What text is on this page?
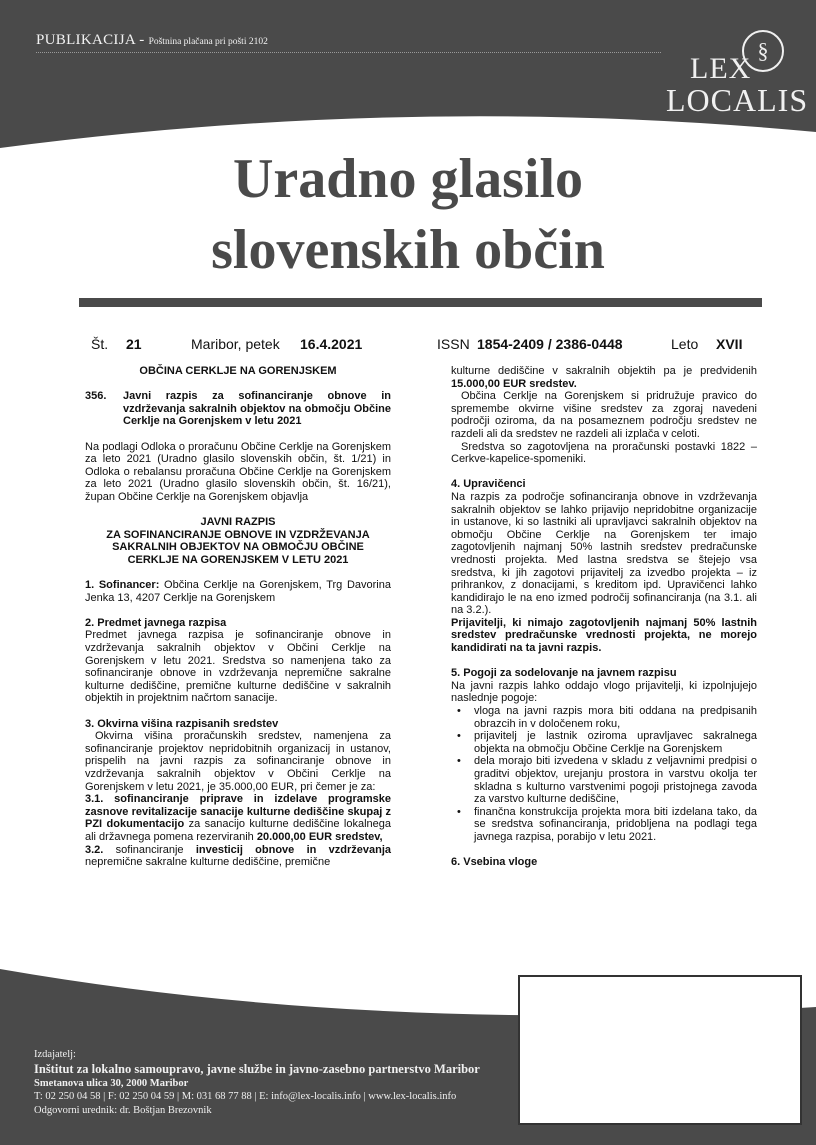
PUBLIKACIJA - Poštnina plačana pri pošti 2102	§
LEX
LOCALIS
Uradno glasilo
slovenskih občin
Št. 21	Maribor, petek 16.4.2021	ISSN 1854-2409 / 2386-0448	Leto XVII

OBČINA CERKLJE NA GORENJSKEM

356.	Javni razpis za sofinanciranje obnove in vzdrževanja sakralnih objektov na območju Občine Cerklje na Gorenjskem v letu 2021

Na podlagi Odloka o proračunu Občine Cerklje na Gorenjskem za leto 2021 (Uradno glasilo slovenskih občin, št. 1/21) in Odloka o rebalansu proračuna Občine Cerklje na Gorenjskem za leto 2021 (Uradno glasilo slovenskih občin, št. 16/21), župan Občine Cerklje na Gorenjskem objavlja

JAVNI RAZPIS

ZA SOFINANCIRANJE OBNOVE IN VZDRŽEVANJA

SAKRALNIH OBJEKTOV NA OBMOČJU OBČINE

CERKLJE NA GORENJSKEM V LETU 2021

1. Sofinancer: Občina Cerklje na Gorenjskem, Trg Davorina Jenka 13, 4207 Cerklje na Gorenjskem

2. Predmet javnega razpisa

Predmet javnega razpisa je sofinanciranje obnove in vzdrževanja sakralnih objektov v Občini Cerklje na Gorenjskem v letu 2021. Sredstva so namenjena tako za sofinanciranje obnove in vzdrževanja nepremične sakralne kulturne dediščine, premične kulturne dediščine v sakralnih objektih in projektnim načrtom sanacije.

3. Okvirna višina razpisanih sredstev

Okvirna višina proračunskih sredstev, namenjena za sofinanciranje projektov nepridobitnih organizacij in ustanov, prispelih na javni razpis za sofinanciranje obnove in vzdrževanja sakralnih objektov v Občini Cerklje na Gorenjskem v letu 2021, je 35.000,00 EUR, pri čemer je za:

3.1. sofinanciranje priprave in izdelave programske zasnove revitalizacije sanacije kulturne dediščine skupaj z PZI dokumentacijo za sanacijo kulturne dediščine lokalnega ali državnega pomena rezerviranih 20.000,00 EUR sredstev,

3.2. sofinanciranje investicij obnove in vzdrževanja nepremične sakralne kulturne dediščine, premične

kulturne dediščine v sakralnih objektih pa je predvidenih 15.000,00 EUR sredstev.

Občina Cerklje na Gorenjskem si pridružuje pravico do spremembe okvirne višine sredstev za zgoraj navedeni področji oziroma, da na posameznem področju sredstev ne razdeli ali da sredstev ne razdeli ali izplača v celoti.

Sredstva so zagotovljena na proračunski postavki 1822 – Cerkve-kapelice-spomeniki.

4. Upravičenci

Na razpis za področje sofinanciranja obnove in vzdrževanja sakralnih objektov se lahko prijavijo nepridobitne organizacije in ustanove, ki so lastniki ali upravljavci sakralnih objektov na območju Občine Cerklje na Gorenjskem ter imajo zagotovljenih najmanj 50% lastnih sredstev predračunske vrednosti projekta. Med lastna sredstva se štejejo vsa sredstva, ki jih zagotovi prijavitelj za izvedbo projekta – iz prihrankov, z donacijami, s kreditom ipd. Upravičenci lahko kandidirajo le na eno izmed področij sofinanciranja (na 3.1. ali na 3.2.).

Prijavitelji, ki nimajo zagotovljenih najmanj 50% lastnih sredstev predračunske vrednosti projekta, ne morejo kandidirati na ta javni razpis.

5. Pogoji za sodelovanje na javnem razpisu

Na javni razpis lahko oddajo vlogo prijavitelji, ki izpolnjujejo naslednje pogoje:

• vloga na javni razpis mora biti oddana na predpisanih obrazcih in v določenem roku,
• prijavitelj je lastnik oziroma upravljavec sakralnega objekta na območju Občine Cerklje na Gorenjskem
• dela morajo biti izvedena v skladu z veljavnimi predpisi o graditvi objektov, urejanju prostora in varstvu okolja ter skladna s kulturno varstvenimi pogoji pristojnega zavoda za varstvo kulturne dediščine,
• finančna konstrukcija projekta mora biti izdelana tako, da se sredstva sofinanciranja, pridobljena na podlagi tega javnega razpisa, porabijo v letu 2021.

6. Vsebina vloge

Izdajatelj:
Inštitut za lokalno samoupravo, javne službe in javno-zasebno partnerstvo Maribor
Smetanova ulica 30, 2000 Maribor
T: 02 250 04 58 | F: 02 250 04 59 | M: 031 68 77 88 | E: info@lex-localis.info | www.lex-localis.info
Odgovorni urednik: dr. Boštjan Brezovnik
